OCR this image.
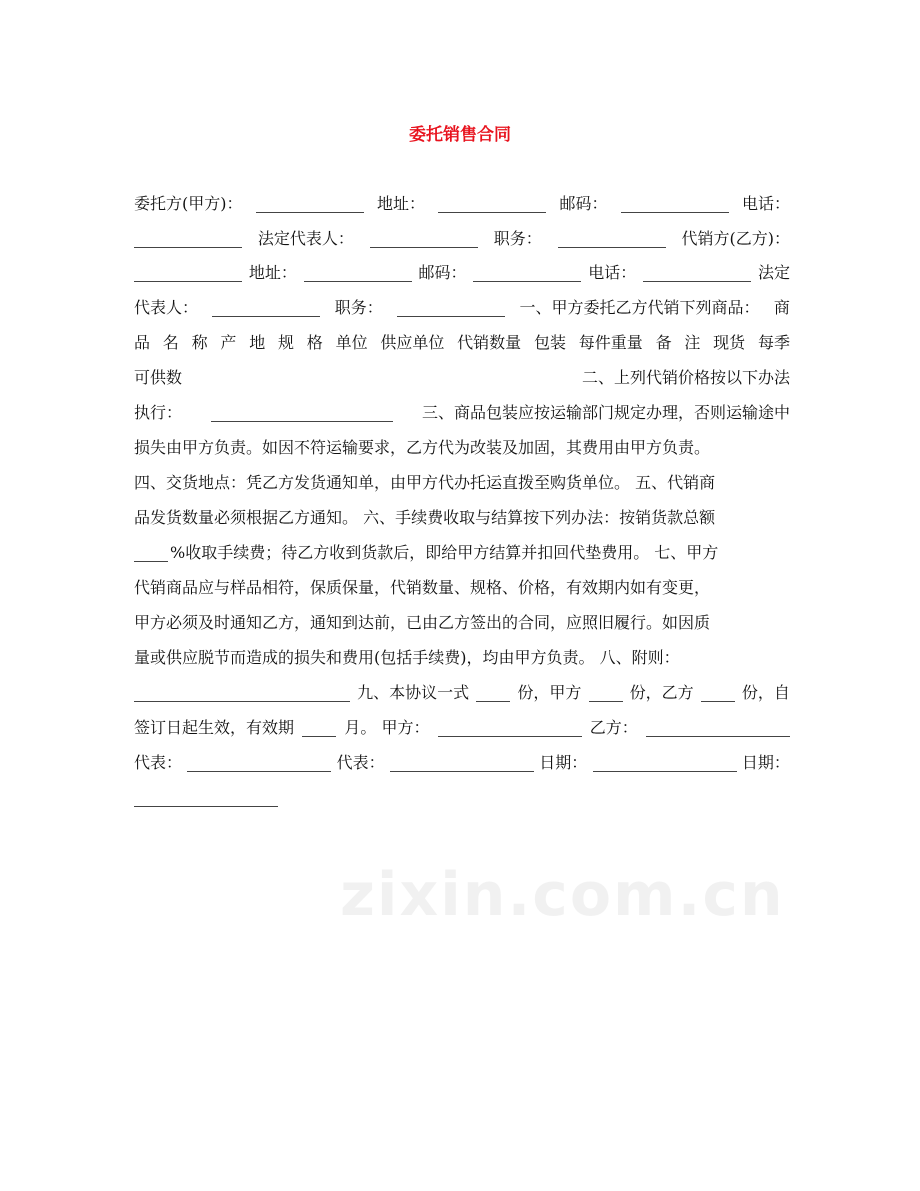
委托销售合同
委托方(甲方)：	地址：	邮码：	电话：
法定代表人：	职务：	代销方(乙方)：
地址：	邮码：	电话：	法定
代表人：	职务：	一、甲方委托乙方代销下列商品： 商
品 名 称 产 地 规 格 单位 供应单位 代销数量 包装 每件重量 备 注 现货 每季
可供数	二、上列代销价格按以下办法
执行：	三、商品包装应按运输部门规定办理，否则运输途中
损失由甲方负责。如因不符运输要求，乙方代为改装及加固，其费用由甲方负责。
四、交货地点：凭乙方发货通知单，由甲方代办托运直拨至购货单位。 五、代销商
品发货数量必须根据乙方通知。 六、手续费收取与结算按下列办法：按销货款总额
%收取手续费；待乙方收到货款后，即给甲方结算并扣回代垫费用。 七、甲方
代销商品应与样品相符，保质保量，代销数量、规格、价格，有效期内如有变更，
甲方必须及时通知乙方，通知到达前，已由乙方签出的合同，应照旧履行。如因质
量或供应脱节而造成的损失和费用(包括手续费)，均由甲方负责。 八、附则：
九、本协议一式	份，甲方	份，乙方	份，自
签订日起生效，有效期	月。 甲方：	乙方：
代表：	代表：	日期：	日期：
zixin.com.cn
